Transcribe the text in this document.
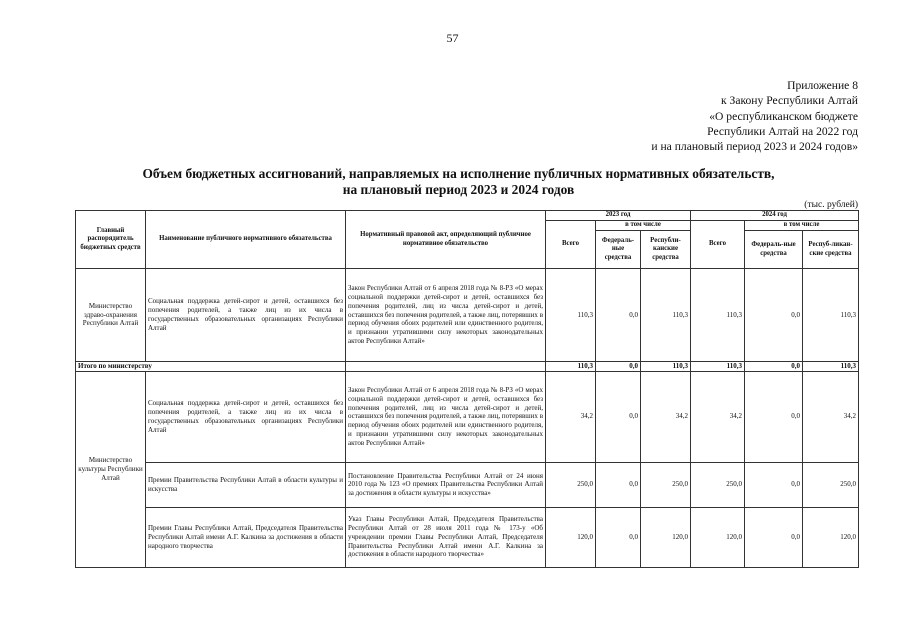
57
Приложение 8
к Закону Республики Алтай
«О республиканском бюджете
Республики Алтай на 2022 год
и на плановый период 2023 и 2024 годов»
Объем бюджетных ассигнований, направляемых на исполнение публичных нормативных обязательств,
на плановый период 2023 и 2024 годов
(тыс. рублей)
Главный распорядитель бюджетных средств	Наименование публичного нормативного обязательства	Нормативный правовой акт, определяющий публичное нормативное обязательство	2023 год			2024 год		
			Всего	в том числе		Всего	в том числе	
				Федераль-ные средства	Республи-канские средства		Федераль-ные средства	Респуб-ликан-ские средства
Министерство здраво-охранения Республики Алтай	Социальная поддержка детей-сирот и детей, оставшихся без попечения родителей, а также лиц из их числа в государственных образовательных организациях Республики Алтай	Закон Республики Алтай от 6 апреля 2018 года № 8-РЗ «О мерах социальной поддержки детей-сирот и детей, оставшихся без попечения родителей, лиц из числа детей-сирот и детей, оставшихся без попечения родителей, а также лиц, потерявших в период обучения обоих родителей или единственного родителя, и признании утратившими силу некоторых законодательных актов Республики Алтай»	110,3	0,0	110,3	110,3	0,0	110,3
Итого по министерству			110,3	0,0	110,3	110,3	0,0	110,3
Министерство культуры Республики Алтай	Социальная поддержка детей-сирот и детей, оставшихся без попечения родителей, а также лиц из их числа в государственных образовательных организациях Республики Алтай	Закон Республики Алтай от 6 апреля 2018 года № 8-РЗ «О мерах социальной поддержки детей-сирот и детей, оставшихся без попечения родителей, лиц из числа детей-сирот и детей, оставшихся без попечения родителей, а также лиц, потерявших в период обучения обоих родителей или единственного родителя, и признании утратившими силу некоторых законодательных актов Республики Алтай»	34,2	0,0	34,2	34,2	0,0	34,2
	Премии Правительства Республики Алтай в области культуры и искусства	Постановление Правительства Республики Алтай от 24 июня 2010 года № 123 «О премиях Правительства Республики Алтай за достижения в области культуры и искусства»	250,0	0,0	250,0	250,0	0,0	250,0
	Премии Главы Республики Алтай, Председателя Правительства Республики Алтай имени А.Г. Калкина за достижения в области народного творчества	Указ Главы Республики Алтай, Председателя Правительства Республики Алтай от 28 июля 2011 года № 173-у «Об учреждении премии Главы Республики Алтай, Председателя Правительства Республики Алтай имени А.Г. Калкина за достижения в области народного творчества»	120,0	0,0	120,0	120,0	0,0	120,0
